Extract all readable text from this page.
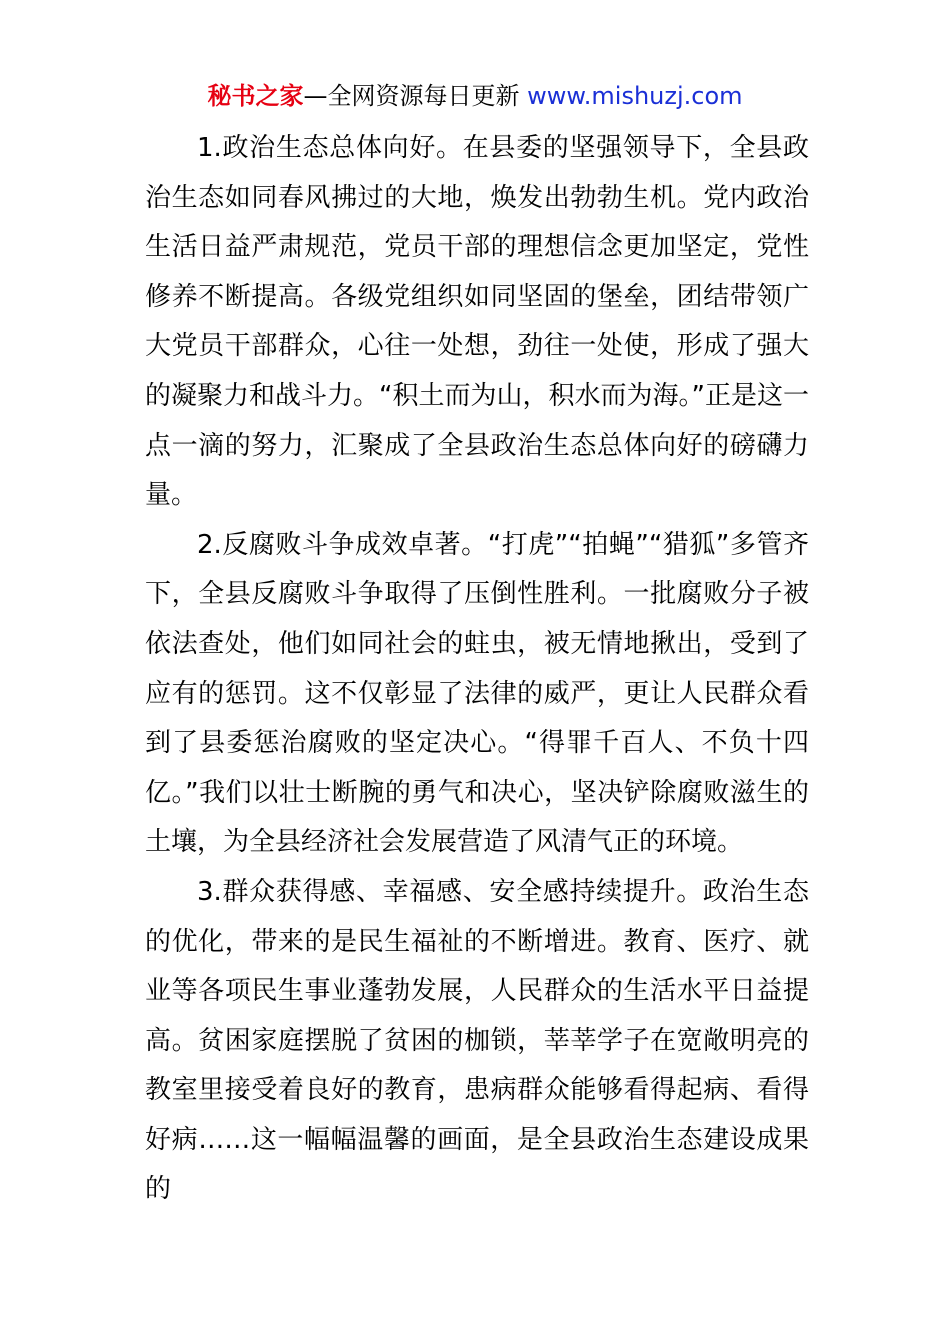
秘书之家—全网资源每日更新 www.mishuzj.com

1.政治生态总体向好。在县委的坚强领导下，全县政治生态如同春风拂过的大地，焕发出勃勃生机。党内政治生活日益严肃规范，党员干部的理想信念更加坚定，党性修养不断提高。各级党组织如同坚固的堡垒，团结带领广大党员干部群众，心往一处想，劲往一处使，形成了强大的凝聚力和战斗力。“积土而为山，积水而为海。”正是这一点一滴的努力，汇聚成了全县政治生态总体向好的磅礴力量。

2.反腐败斗争成效卓著。“打虎”“拍蝇”“猎狐”多管齐下，全县反腐败斗争取得了压倒性胜利。一批腐败分子被依法查处，他们如同社会的蛀虫，被无情地揪出，受到了应有的惩罚。这不仅彰显了法律的威严，更让人民群众看到了县委惩治腐败的坚定决心。“得罪千百人、不负十四亿。”我们以壮士断腕的勇气和决心，坚决铲除腐败滋生的土壤，为全县经济社会发展营造了风清气正的环境。

3.群众获得感、幸福感、安全感持续提升。政治生态的优化，带来的是民生福祉的不断增进。教育、医疗、就业等各项民生事业蓬勃发展，人民群众的生活水平日益提高。贫困家庭摆脱了贫困的枷锁，莘莘学子在宽敞明亮的教室里接受着良好的教育，患病群众能够看得起病、看得好病……这一幅幅温馨的画面，是全县政治生态建设成果的
